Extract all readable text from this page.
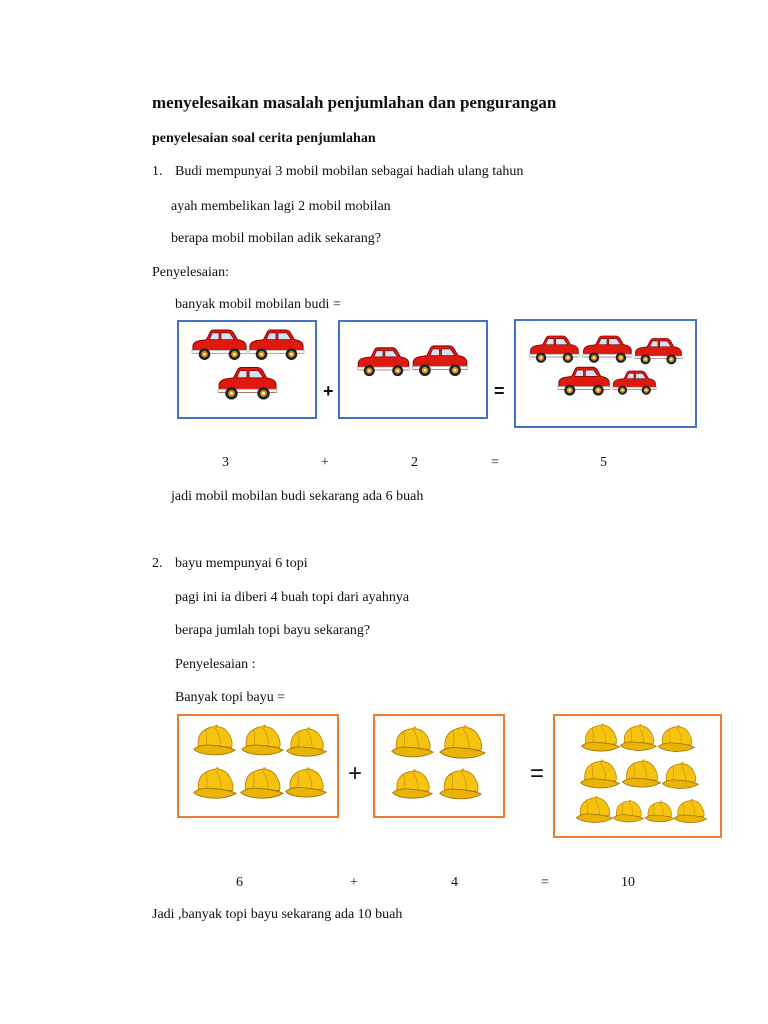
menyelesaikan masalah penjumlahan dan pengurangan
penyelesaian soal cerita penjumlahan
1. Budi mempunyai 3 mobil mobilan sebagai hadiah ulang tahun
ayah membelikan lagi 2 mobil mobilan
berapa mobil mobilan adik sekarang?
Penyelesaian:
banyak mobil mobilan budi =
+	=
3	+	2	=	5
jadi mobil mobilan budi sekarang ada 6 buah
2. bayu mempunyai 6 topi
pagi ini ia diberi 4 buah topi dari ayahnya
berapa jumlah topi bayu sekarang?
Penyelesaian :
Banyak topi bayu =
+	=
6	+	4	=	10
Jadi ,banyak topi bayu sekarang ada 10 buah
